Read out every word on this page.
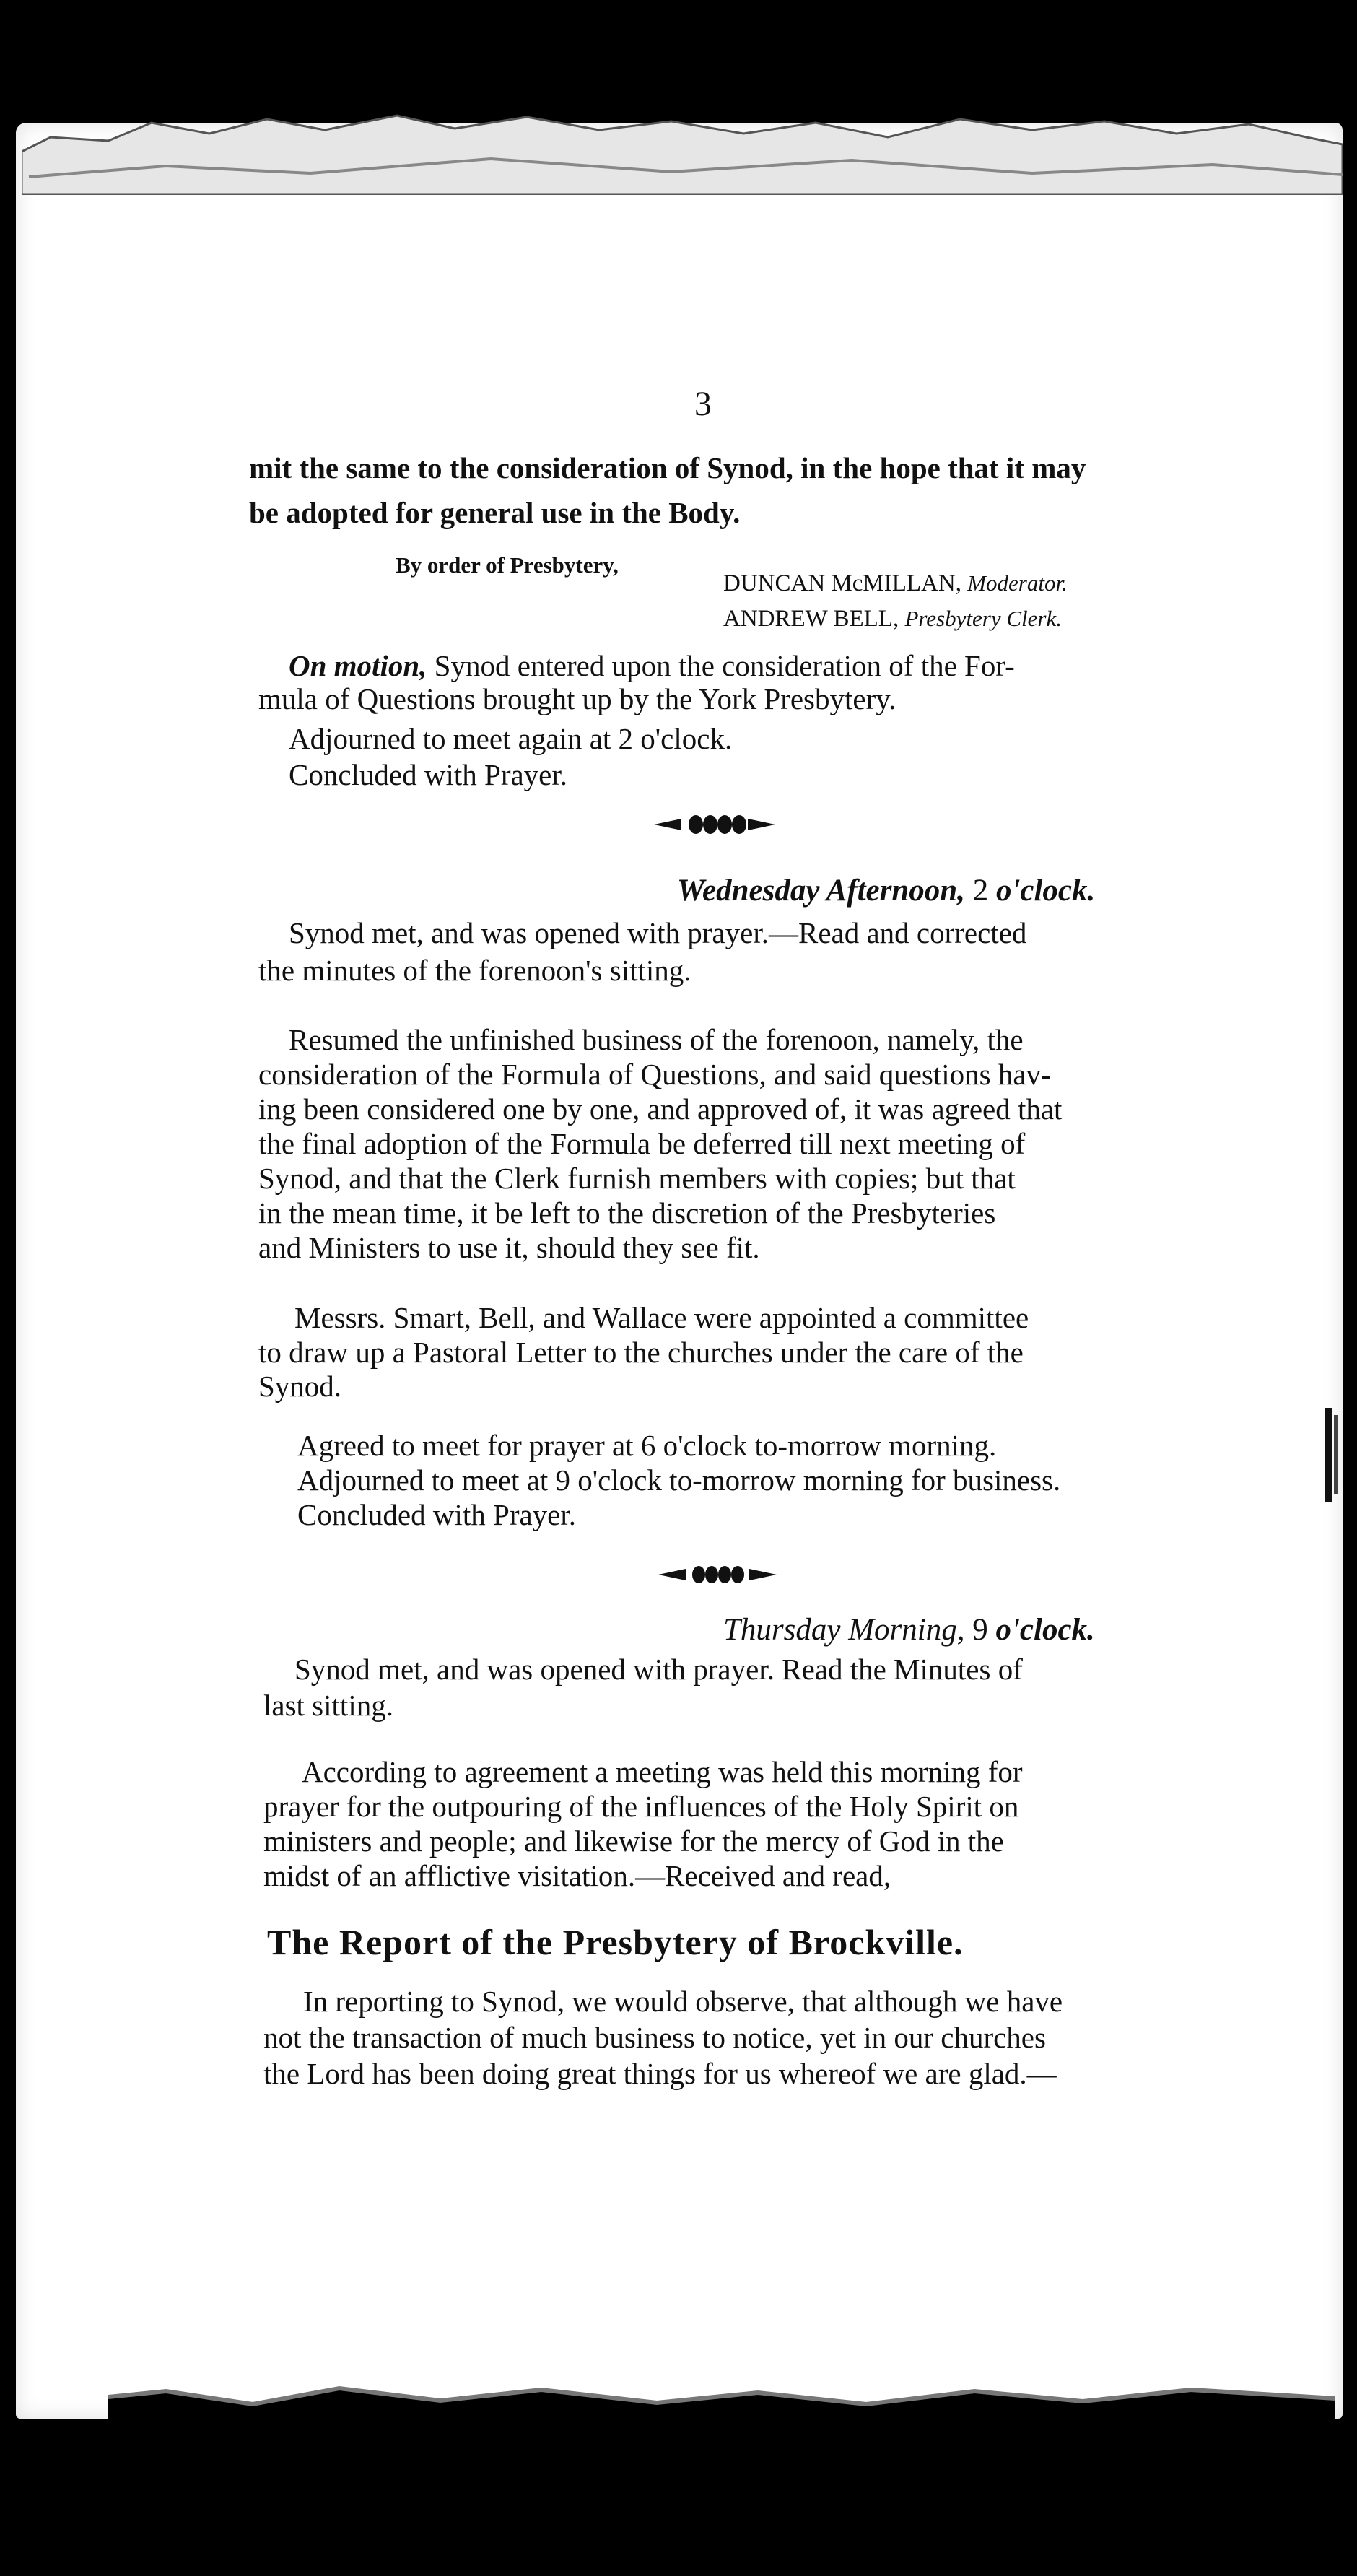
3
mit the same to the consideration of Synod, in the hope that it may
be adopted for general use in the Body.
By order of Presbytery,
DUNCAN McMILLAN, Moderator.
ANDREW BELL, Presbytery Clerk.
On motion, Synod entered upon the consideration of the For-
mula of Questions brought up by the York Presbytery.
Adjourned to meet again at 2 o'clock.
Concluded with Prayer.
Wednesday Afternoon, 2 o'clock.
Synod met, and was opened with prayer.—Read and corrected
the minutes of the forenoon's sitting.
Resumed the unfinished business of the forenoon, namely, the
consideration of the Formula of Questions, and said questions hav-
ing been considered one by one, and approved of, it was agreed that
the final adoption of the Formula be deferred till next meeting of
Synod, and that the Clerk furnish members with copies; but that
in the mean time, it be left to the discretion of the Presbyteries
and Ministers to use it, should they see fit.
Messrs. Smart, Bell, and Wallace were appointed a committee
to draw up a Pastoral Letter to the churches under the care of the
Synod.
Agreed to meet for prayer at 6 o'clock to-morrow morning.
Adjourned to meet at 9 o'clock to-morrow morning for business.
Concluded with Prayer.
Thursday Morning, 9 o'clock.
Synod met, and was opened with prayer. Read the Minutes of
last sitting.
According to agreement a meeting was held this morning for
prayer for the outpouring of the influences of the Holy Spirit on
ministers and people; and likewise for the mercy of God in the
midst of an afflictive visitation.—Received and read,
The Report of the Presbytery of Brockville.
In reporting to Synod, we would observe, that although we have
not the transaction of much business to notice, yet in our churches
the Lord has been doing great things for us whereof we are glad.—
